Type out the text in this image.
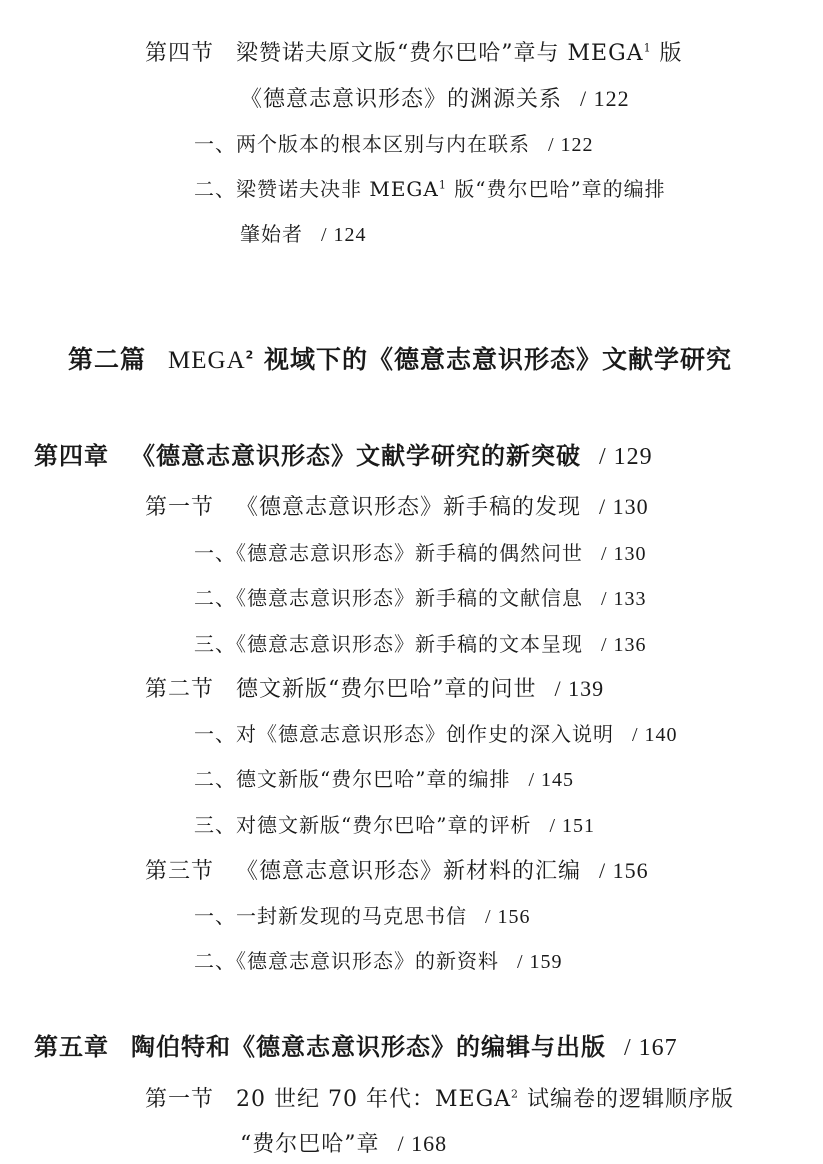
第四节 梁赞诺夫原文版“费尔巴哈”章与 MEGA$^1$ 版
《德意志意识形态》的渊源关系 / 122
一、两个版本的根本区别与内在联系 / 122
二、梁赞诺夫决非 MEGA$^1$ 版“费尔巴哈”章的编排
肇始者 / 124
第二篇 MEGA$^2$ 视域下的《德意志意识形态》文献学研究
第四章 《德意志意识形态》文献学研究的新突破 / 129
第一节 《德意志意识形态》新手稿的发现 / 130
一、《德意志意识形态》新手稿的偶然问世 / 130
二、《德意志意识形态》新手稿的文献信息 / 133
三、《德意志意识形态》新手稿的文本呈现 / 136
第二节 德文新版“费尔巴哈”章的问世 / 139
一、对《德意志意识形态》创作史的深入说明 / 140
二、德文新版“费尔巴哈”章的编排 / 145
三、对德文新版“费尔巴哈”章的评析 / 151
第三节 《德意志意识形态》新材料的汇编 / 156
一、一封新发现的马克思书信 / 156
二、《德意志意识形态》的新资料 / 159
第五章 陶伯特和《德意志意识形态》的编辑与出版 / 167
第一节 20 世纪 70 年代：MEGA$^2$ 试编卷的逻辑顺序版
“费尔巴哈”章 / 168
